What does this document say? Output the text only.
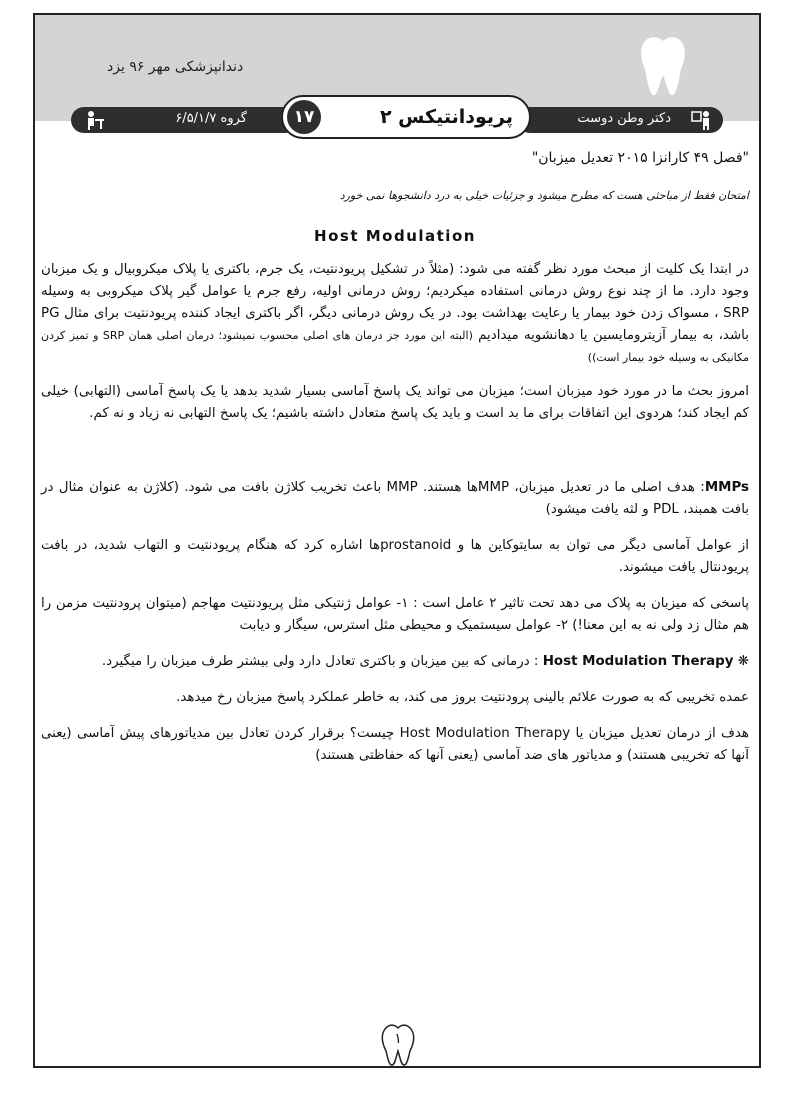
دندانپزشکی مهر ۹۶ یزد
گروه ۶/۵/۱/۷	دکتر وطن دوست
۱۷	پریودانتیکس ۲

"فصل ۴۹ کارانزا ۲۰۱۵ تعدیل میزبان"

امتحان فقط از مباحثی هست که مطرح میشود و جزئیات خیلی به درد دانشجوها نمی خورد

Host Modulation

در ابتدا یک کلیت از مبحث مورد نظر گفته می شود: (مثلاً در تشکیل پریودنتیت، یک جرم، باکتری یا پلاک میکروبیال و یک میزبان وجود دارد. ما از چند نوع روش درمانی استفاده میکردیم؛ روش درمانی اولیه، رفع جرم یا عوامل گیر پلاک میکروبی به وسیله SRP ، مسواک زدن خود بیمار یا رعایت بهداشت بود. در یک روش درمانی دیگر، اگر باکتری ایجاد کننده پریودنتیت برای مثال PG باشد، به بیمار آزیترومایسین یا دهانشویه میدادیم (البته این مورد جز درمان های اصلی محسوب نمیشود؛ درمان اصلی همان SRP و تمیز کردن مکانیکی به وسیله خود بیمار است))

امروز بحث ما در مورد خود میزبان است؛ میزبان می تواند یک پاسخ آماسی بسیار شدید بدهد یا یک پاسخ آماسی (التهابی) خیلی کم ایجاد کند؛ هردوی این اتفاقات برای ما بد است و باید یک پاسخ متعادل داشته باشیم؛ یک پاسخ التهابی نه زیاد و نه کم.

MMPs: هدف اصلی ما در تعدیل میزبان، MMPها هستند. MMP باعث تخریب کلاژن بافت می شود. (کلاژن به عنوان مثال در بافت همبند، PDL و لثه یافت میشود)

از عوامل آماسی دیگر می توان به سایتوکاین ها و prostanoidها اشاره کرد که هنگام پریودنتیت و التهاب شدید، در بافت پریودنتال یافت میشوند.

پاسخی که میزبان به پلاک می دهد تحت تاثیر ۲ عامل است : ۱- عوامل ژنتیکی مثل پریودنتیت مهاجم (میتوان پرودنتیت مزمن را هم مثال زد ولی نه به این معنا!) ۲- عوامل سیستمیک و محیطی مثل استرس، سیگار و دیابت

❋ Host Modulation Therapy : درمانی که بین میزبان و باکتری تعادل دارد ولی بیشتر طرف میزبان را میگیرد.

عمده تخریبی که به صورت علائم بالینی پرودنتیت بروز می کند، به خاطر عملکرد پاسخ میزبان رخ میدهد.

هدف از درمان تعدیل میزبان یا Host Modulation Therapy چیست؟ برقرار کردن تعادل بین مدیاتورهای پیش آماسی (یعنی آنها که تخریبی هستند) و مدیاتور های ضد آماسی (یعنی آنها که حفاظتی هستند)

۱
